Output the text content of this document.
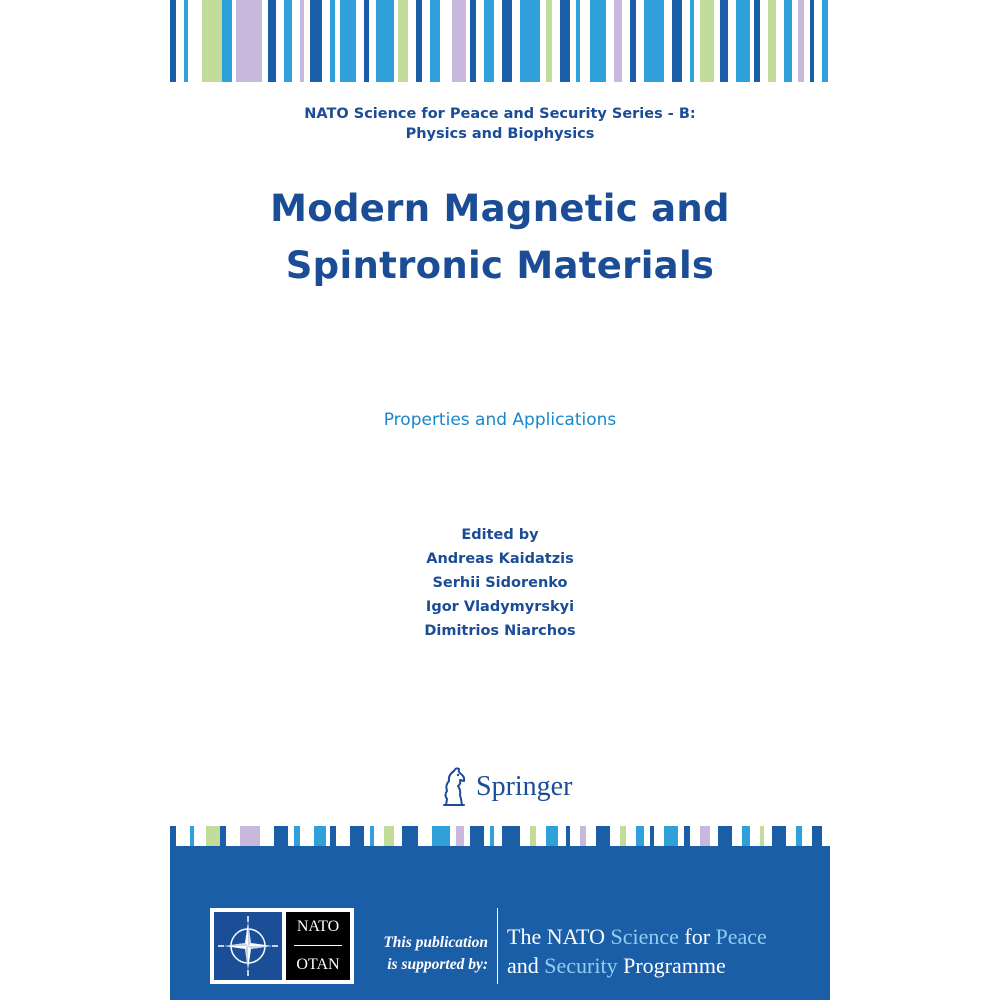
NATO Science for Peace and Security Series - B:
Physics and Biophysics
Modern Magnetic and
Spintronic Materials
Properties and Applications
Edited by
Andreas Kaidatzis
Serhii Sidorenko
Igor Vladymyrskyi
Dimitrios Niarchos
Springer
NATO
OTAN
This publication
is supported by:
The NATO Science for Peace
and Security Programme
